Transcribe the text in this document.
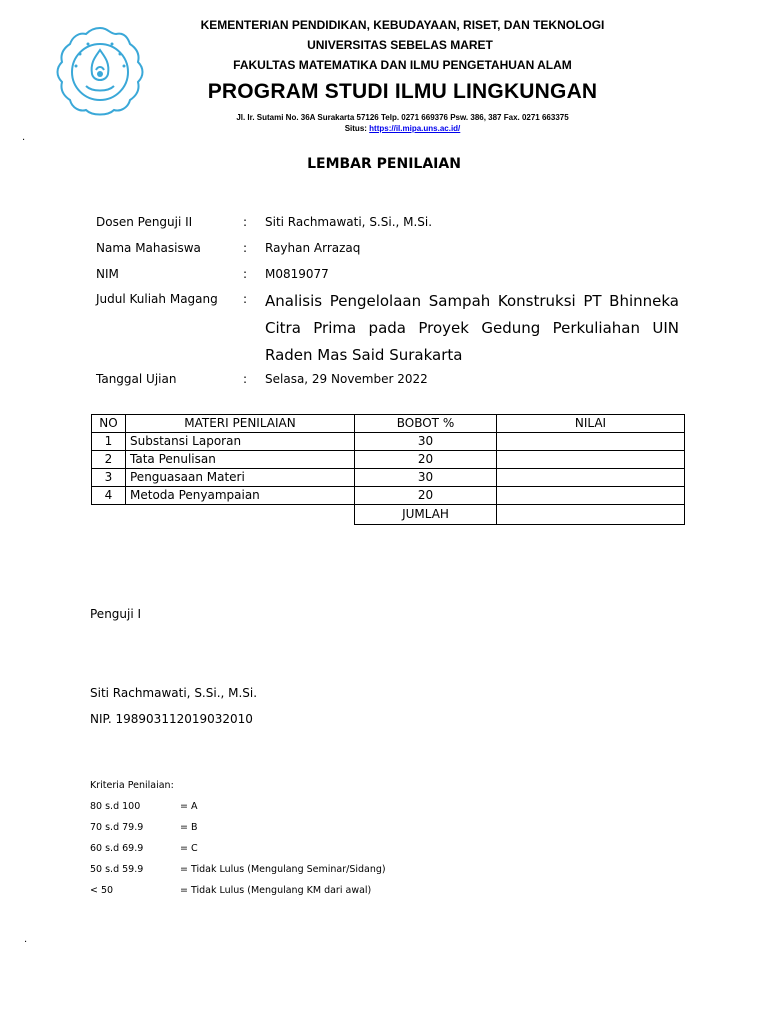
KEMENTERIAN PENDIDIKAN, KEBUDAYAAN, RISET, DAN TEKNOLOGI
UNIVERSITAS SEBELAS MARET
FAKULTAS MATEMATIKA DAN ILMU PENGETAHUAN ALAM
PROGRAM STUDI ILMU LINGKUNGAN
Jl. Ir. Sutami No. 36A Surakarta 57126 Telp. 0271 669376 Psw. 386, 387 Fax. 0271 663375
Situs: https://il.mipa.uns.ac.id/
.
LEMBAR PENILAIAN
Dosen Penguji II	: Siti Rachmawati, S.Si., M.Si.
Nama Mahasiswa	: Rayhan Arrazaq
NIM	: M0819077
Judul Kuliah Magang : Analisis Pengelolaan Sampah Konstruksi PT Bhinneka Citra Prima pada Proyek Gedung Perkuliahan UIN Raden Mas Said Surakarta
Tanggal Ujian	: Selasa, 29 November 2022
NO	MATERI PENILAIAN	BOBOT %	NILAI
1	Substansi Laporan	30	
2	Tata Penulisan	20	
3	Penguasaan Materi	30	
4	Metoda Penyampaian	20	
		JUMLAH	
Penguji I
Siti Rachmawati, S.Si., M.Si.
NIP. 198903112019032010
Kriteria Penilaian:
80 s.d 100	= A
70 s.d 79.9	= B
60 s.d 69.9	= C
50 s.d 59.9	= Tidak Lulus (Mengulang Seminar/Sidang)
< 50	= Tidak Lulus (Mengulang KM dari awal)
.
